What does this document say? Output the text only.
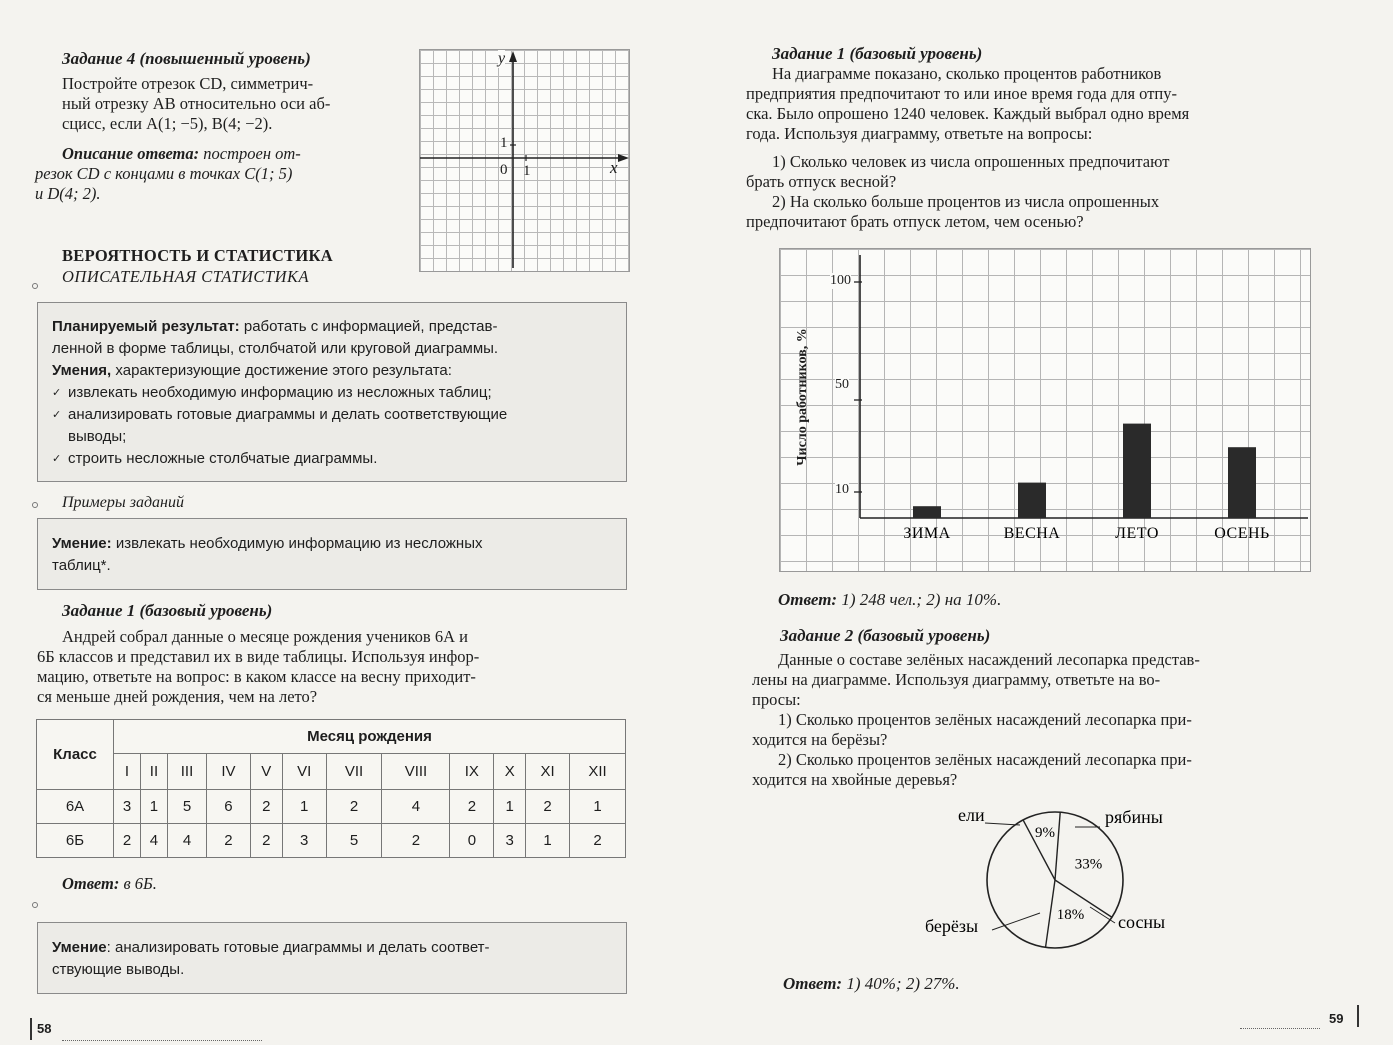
Задание 4 (повышенный уровень)
Постройте отрезок CD, симметрич-
ный отрезку AB относительно оси аб-
сцисс, если A(1; −5), B(4; −2).
Описание ответа: построен от-
резок CD с концами в точках C(1; 5)
и D(4; 2).
y
x
1
0 1
ВЕРОЯТНОСТЬ И СТАТИСТИКА
ОПИСАТЕЛЬНАЯ СТАТИСТИКА
Планируемый результат: работать с информацией, представ-
ленной в форме таблицы, столбчатой или круговой диаграммы.
Умения, характеризующие достижение этого результата:
✓ извлекать необходимую информацию из несложных таблиц;
✓ анализировать готовые диаграммы и делать соответствующие
выводы;
✓ строить несложные столбчатые диаграммы.
Примеры заданий
Умение: извлекать необходимую информацию из несложных
таблиц*.
Задание 1 (базовый уровень)
Андрей собрал данные о месяце рождения учеников 6А и
6Б классов и представил их в виде таблицы. Используя инфор-
мацию, ответьте на вопрос: в каком классе на весну приходит-
ся меньше дней рождения, чем на лето?
Класс	Месяц рождения											
	I	II	III	IV	V	VI	VII	VIII	IX	X	XI	XII
6А	3	1	5	6	2	1	2	4	2	1	2	1
6Б	2	4	4	2	2	3	5	2	0	3	1	2
Ответ: в 6Б.
Умение: анализировать готовые диаграммы и делать соответ-
ствующие выводы.
58
Задание 1 (базовый уровень)
На диаграмме показано, сколько процентов работников
предприятия предпочитают то или иное время года для отпу-
ска. Было опрошено 1240 человек. Каждый выбрал одно время
года. Используя диаграмму, ответьте на вопросы:
1) Сколько человек из числа опрошенных предпочитают
брать отпуск весной?
2) На сколько больше процентов из числа опрошенных
предпочитают брать отпуск летом, чем осенью?
ЗИМА	ВЕСНА	ЛЕТО	ОСЕНЬ
Число работников, %
100
50
10
Ответ: 1) 248 чел.; 2) на 10%.
Задание 2 (базовый уровень)
Данные о составе зелёных насаждений лесопарка представ-
лены на диаграмме. Используя диаграмму, ответьте на во-
просы:
1) Сколько процентов зелёных насаждений лесопарка при-
ходится на берёзы?
2) Сколько процентов зелёных насаждений лесопарка при-
ходится на хвойные деревья?
9%
33%
18%
ели	рябины
сосны
берёзы
Ответ: 1) 40%; 2) 27%.
59
